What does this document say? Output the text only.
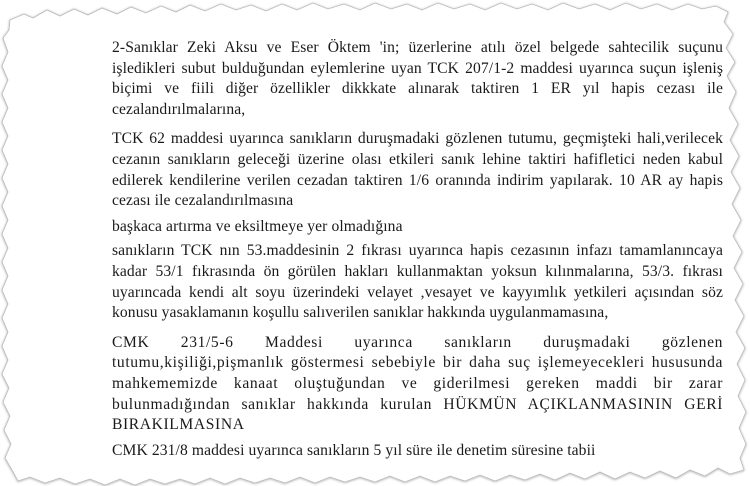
2-Sanıklar Zeki Aksu ve Eser Öktem 'in; üzerlerine atılı özel belgede sahtecilik suçunu işledikleri subut bulduğundan eylemlerine uyan TCK 207/1-2 maddesi uyarınca suçun işleniş biçimi ve fiili diğer özellikler dikkkate alınarak taktiren 1 ER yıl hapis cezası ile cezalandırılmalarına,

TCK 62 maddesi uyarınca sanıkların duruşmadaki gözlenen tutumu, geçmişteki hali,verilecek cezanın sanıkların geleceği üzerine olası etkileri sanık lehine taktiri hafifletici neden kabul edilerek kendilerine verilen cezadan taktiren 1/6 oranında indirim yapılarak. 10 AR ay hapis cezası ile cezalandırılmasına

başkaca artırma ve eksiltmeye yer olmadığına

sanıkların TCK nın 53.maddesinin 2 fıkrası uyarınca hapis cezasının infazı tamamlanıncaya kadar 53/1 fıkrasında ön görülen hakları kullanmaktan yoksun kılınmalarına, 53/3. fıkrası uyarıncada kendi alt soyu üzerindeki velayet ,vesayet ve kayyımlık yetkileri açısından söz konusu yasaklamanın koşullu salıverilen sanıklar hakkında uygulanmamasına,

CMK 231/5-6 Maddesi uyarınca sanıkların duruşmadaki gözlenen tutumu,kişiliği,pişmanlık göstermesi sebebiyle bir daha suç işlemeyecekleri hususunda mahkememizde kanaat oluştuğundan ve giderilmesi gereken maddi bir zarar bulunmadığından sanıklar hakkında kurulan HÜKMÜN AÇIKLANMASININ GERİ BIRAKILMASINA

CMK 231/8 maddesi uyarınca sanıkların 5 yıl süre ile denetim süresine tabii
